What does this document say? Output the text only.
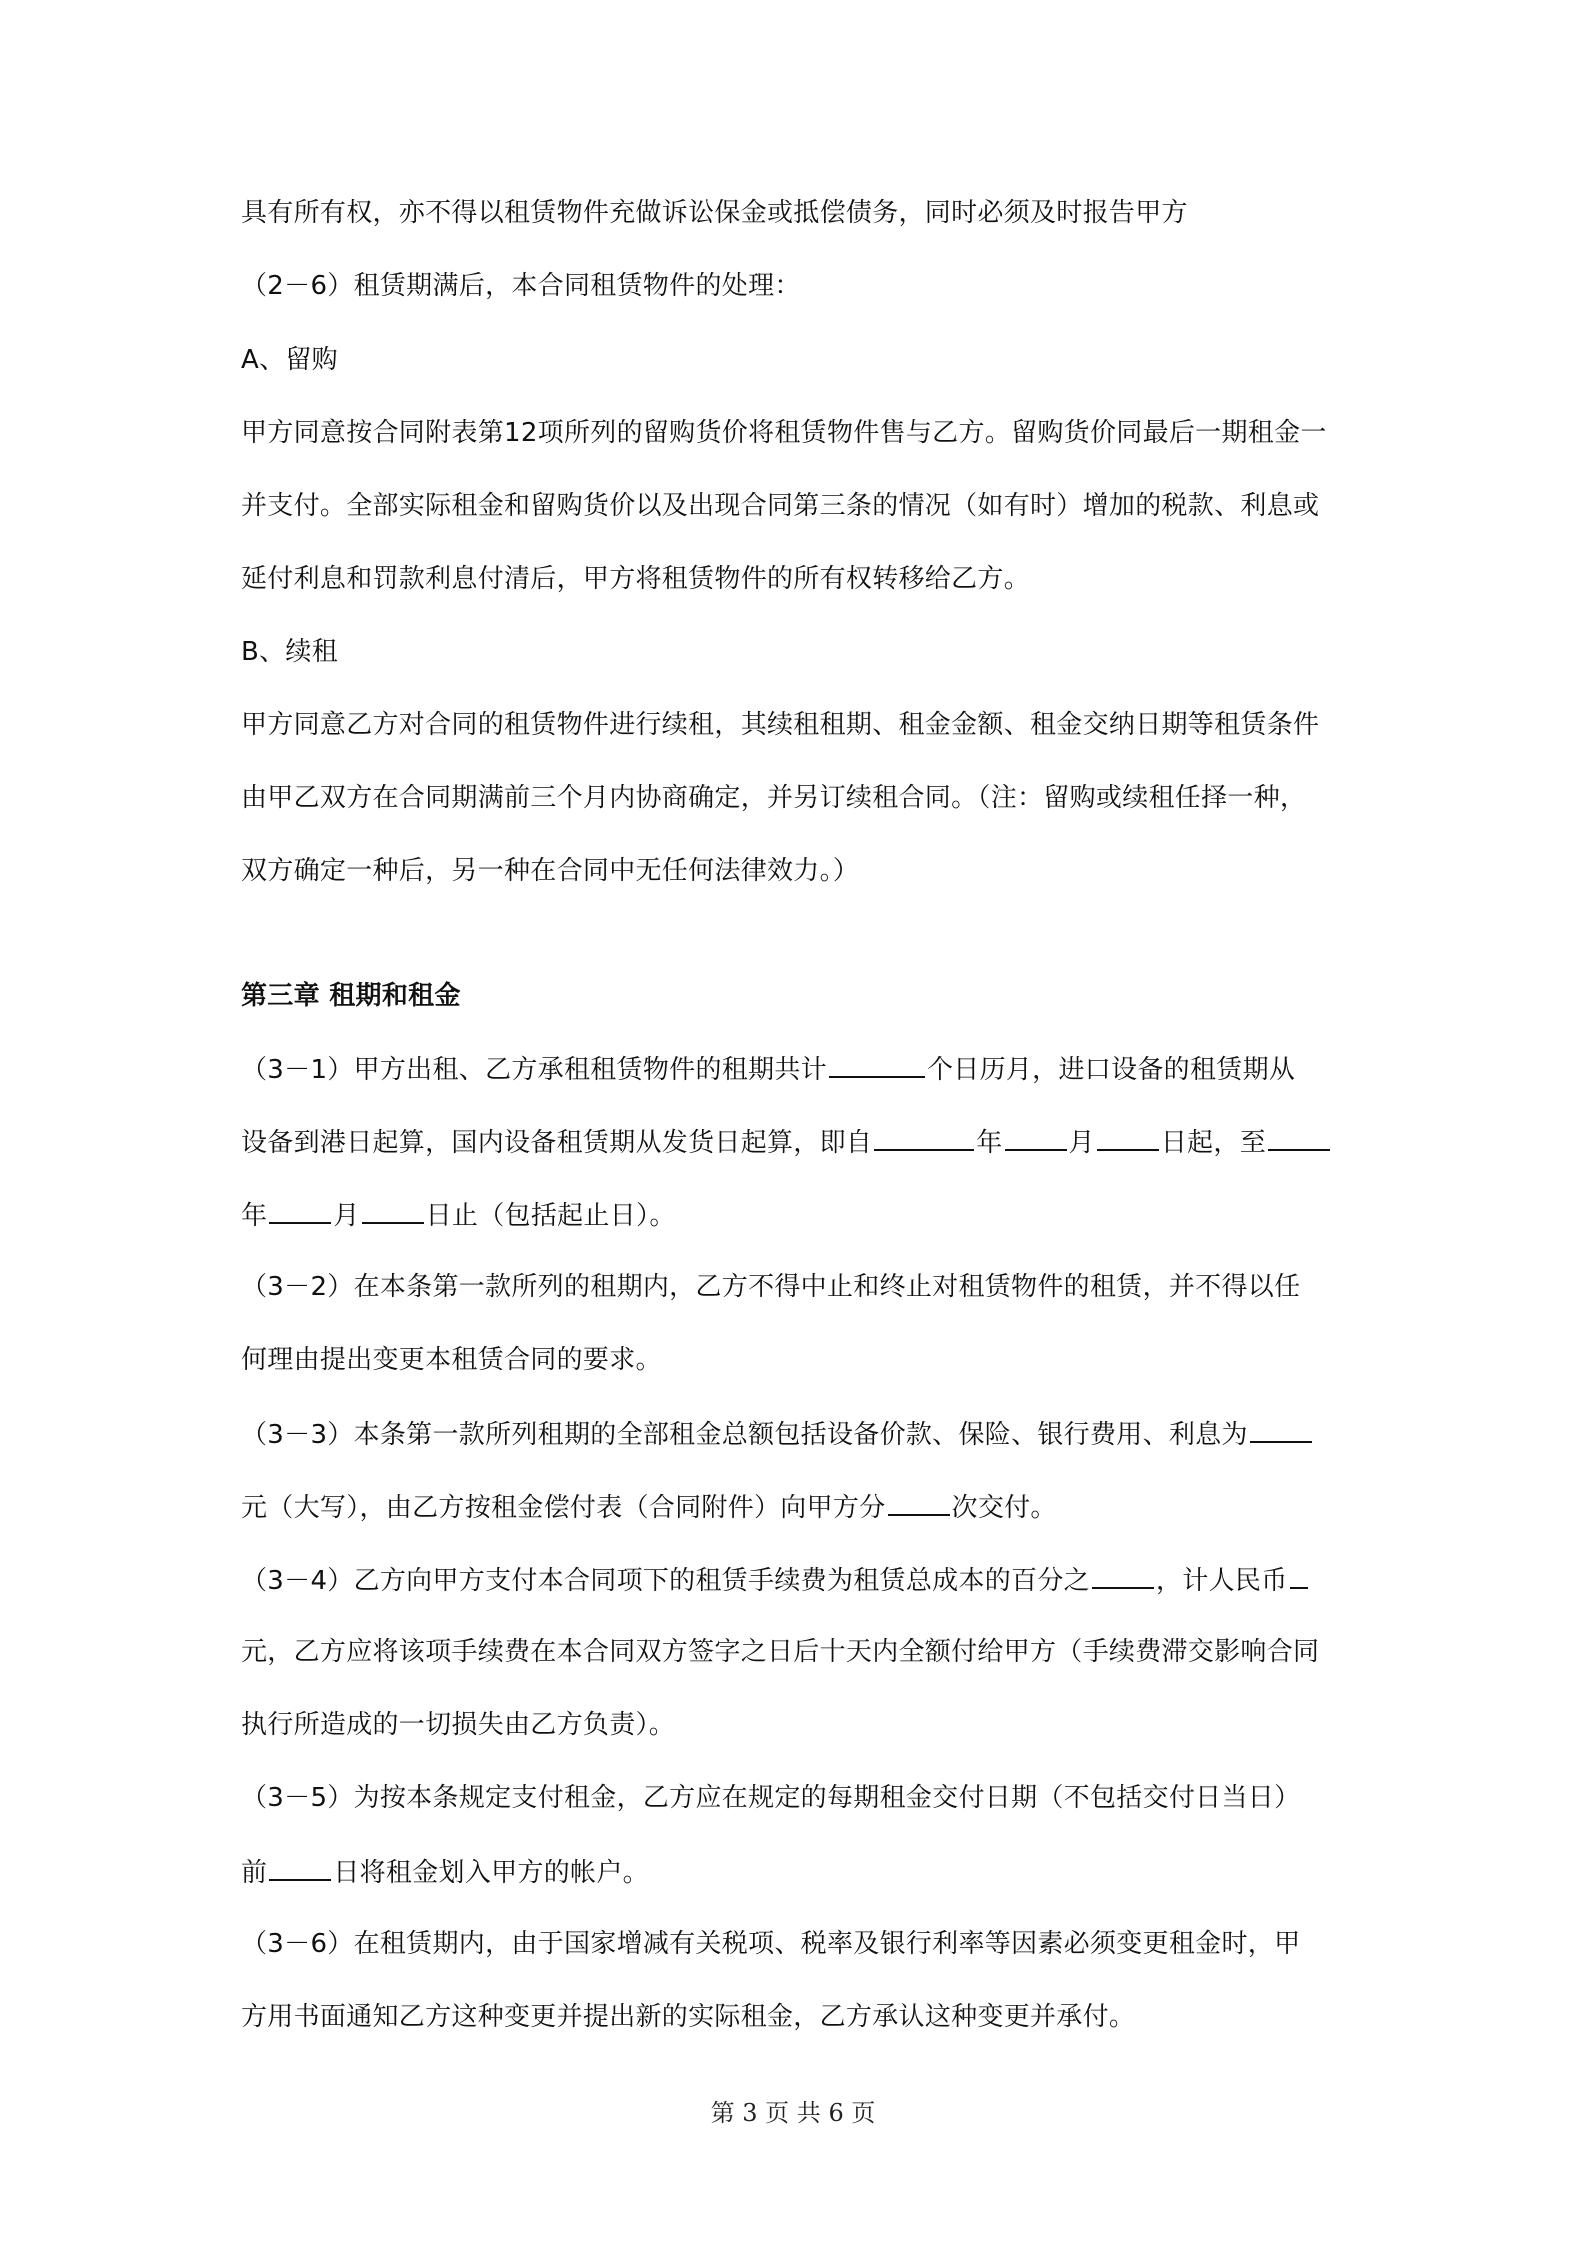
具有所有权，亦不得以租赁物件充做诉讼保金或抵偿债务，同时必须及时报告甲方
（2－6）租赁期满后，本合同租赁物件的处理：
A、留购
甲方同意按合同附表第12项所列的留购货价将租赁物件售与乙方。留购货价同最后一期租金一
并支付。全部实际租金和留购货价以及出现合同第三条的情况（如有时）增加的税款、利息或
延付利息和罚款利息付清后，甲方将租赁物件的所有权转移给乙方。
B、续租
甲方同意乙方对合同的租赁物件进行续租，其续租租期、租金金额、租金交纳日期等租赁条件
由甲乙双方在合同期满前三个月内协商确定，并另订续租合同。（注：留购或续租任择一种，
双方确定一种后，另一种在合同中无任何法律效力。）
第三章 租期和租金
（3－1）甲方出租、乙方承租租赁物件的租期共计	个日历月，进口设备的租赁期从
设备到港日起算，国内设备租赁期从发货日起算，即自	年	月	日起，至
年	月	日止（包括起止日）。
（3－2）在本条第一款所列的租期内，乙方不得中止和终止对租赁物件的租赁，并不得以任
何理由提出变更本租赁合同的要求。
（3－3）本条第一款所列租期的全部租金总额包括设备价款、保险、银行费用、利息为
元（大写），由乙方按租金偿付表（合同附件）向甲方分	次交付。
（3－4）乙方向甲方支付本合同项下的租赁手续费为租赁总成本的百分之	，计人民币
元，乙方应将该项手续费在本合同双方签字之日后十天内全额付给甲方（手续费滞交影响合同
执行所造成的一切损失由乙方负责）。
（3－5）为按本条规定支付租金，乙方应在规定的每期租金交付日期（不包括交付日当日）
前	日将租金划入甲方的帐户。
（3－6）在租赁期内，由于国家增减有关税项、税率及银行利率等因素必须变更租金时，甲
方用书面通知乙方这种变更并提出新的实际租金，乙方承认这种变更并承付。
第 3 页 共 6 页
